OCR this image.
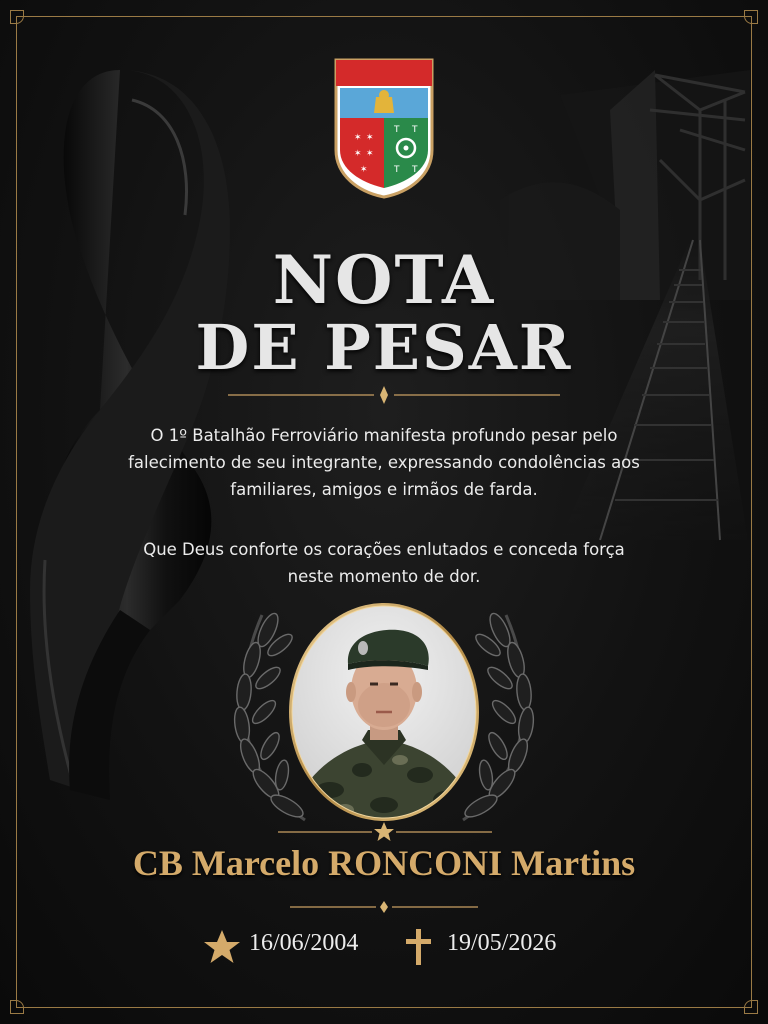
✶ ✶
✶ ✶
✶
T T
T T
NOTA
DE PESAR
O 1º Batalhão Ferroviário manifesta profundo pesar pelo falecimento de seu integrante, expressando condolências aos familiares, amigos e irmãos de farda.
Que Deus conforte os corações enlutados e conceda força neste momento de dor.
CB Marcelo RONCONI Martins
16/06/2004	19/05/2026
